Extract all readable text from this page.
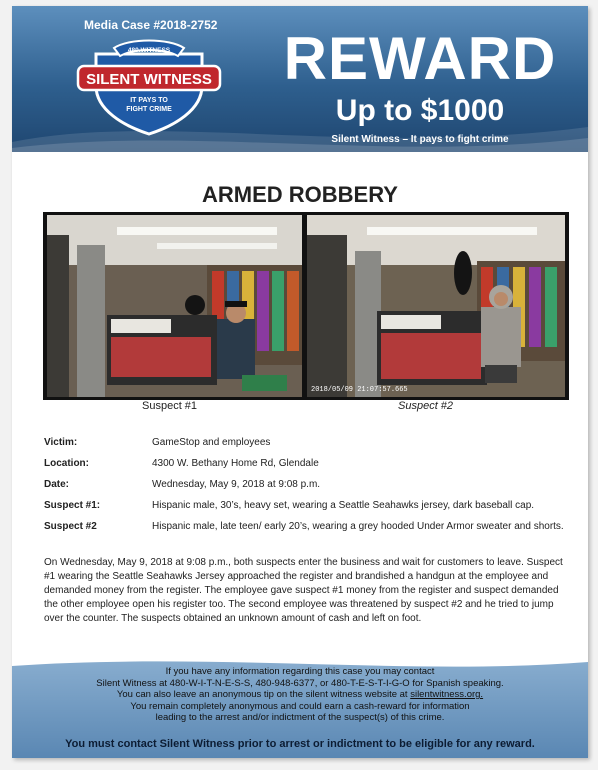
Media Case #2018-2752
480.WITNESS
SILENT WITNESS
IT PAYS TO
FIGHT CRIME
REWARD
Up to $1000
Silent Witness – It pays to fight crime
ARMED ROBBERY
2018/05/09 21:07:57.665
Suspect #1	Suspect #2
Victim:	GameStop and employees
Location:	4300 W. Bethany Home Rd, Glendale
Date:	Wednesday, May 9, 2018 at 9:08 p.m.
Suspect #1:	Hispanic male, 30’s, heavy set, wearing a Seattle Seahawks jersey, dark baseball cap.
Suspect #2	Hispanic male, late teen/ early 20’s, wearing a grey hooded Under Armor sweater and shorts.
On Wednesday, May 9, 2018 at 9:08 p.m., both suspects enter the business and wait for customers to leave. Suspect #1 wearing the Seattle Seahawks Jersey approached the register and brandished a handgun at the employee and demanded money from the register. The employee gave suspect #1 money from the register and suspect demanded the other employee open his register too. The second employee was threatened by suspect #2 and he tried to jump over the counter. The suspects obtained an unknown amount of cash and left on foot.
If you have any information regarding this case you may contact
Silent Witness at 480-W-I-T-N-E-S-S, 480-948-6377, or 480-T-E-S-T-I-G-O for Spanish speaking.
You can also leave an anonymous tip on the silent witness website at silentwitness.org.
You remain completely anonymous and could earn a cash-reward for information
leading to the arrest and/or indictment of the suspect(s) of this crime.
You must contact Silent Witness prior to arrest or indictment to be eligible for any reward.
